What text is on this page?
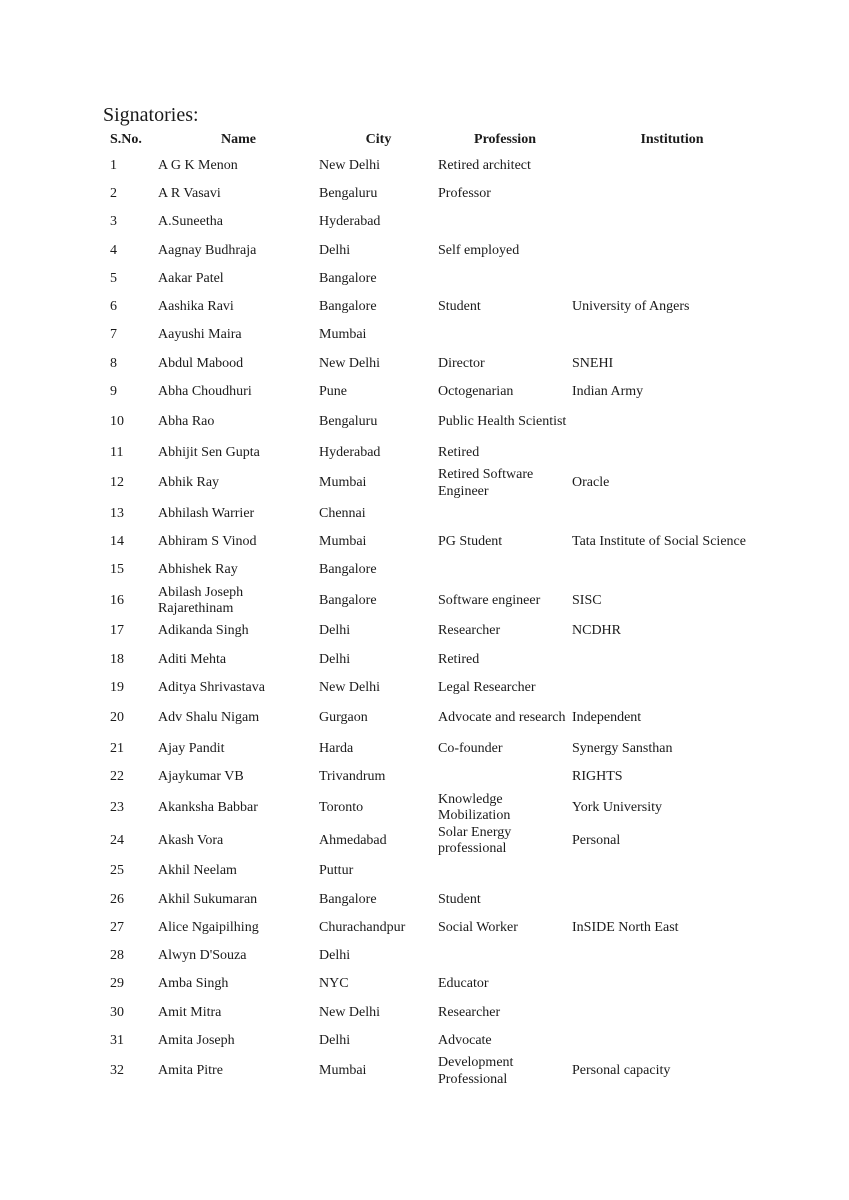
Signatories:
S.No.	Name	City	Profession	Institution
1	A G K Menon	New Delhi	Retired architect	
2	A R Vasavi	Bengaluru	Professor	
3	A.Suneetha	Hyderabad		
4	Aagnay Budhraja	Delhi	Self employed	
5	Aakar Patel	Bangalore		
6	Aashika Ravi	Bangalore	Student	University of Angers
7	Aayushi Maira	Mumbai		
8	Abdul Mabood	New Delhi	Director	SNEHI
9	Abha Choudhuri	Pune	Octogenarian	Indian Army
10	Abha Rao	Bengaluru	Public Health Scientist	
11	Abhijit Sen Gupta	Hyderabad	Retired	
12	Abhik Ray	Mumbai	Retired Software Engineer	Oracle
13	Abhilash Warrier	Chennai		
14	Abhiram S Vinod	Mumbai	PG Student	Tata Institute of Social Science
15	Abhishek Ray	Bangalore		
16	Abilash Joseph Rajarethinam	Bangalore	Software engineer	SISC
17	Adikanda Singh	Delhi	Researcher	NCDHR
18	Aditi Mehta	Delhi	Retired	
19	Aditya Shrivastava	New Delhi	Legal Researcher	
20	Adv Shalu Nigam	Gurgaon	Advocate and research	Independent
21	Ajay Pandit	Harda	Co-founder	Synergy Sansthan
22	Ajaykumar VB	Trivandrum		RIGHTS
23	Akanksha Babbar	Toronto	Knowledge Mobilization	York University
24	Akash Vora	Ahmedabad	Solar Energy professional	Personal
25	Akhil Neelam	Puttur		
26	Akhil Sukumaran	Bangalore	Student	
27	Alice Ngaipilhing	Churachandpur	Social Worker	InSIDE North East
28	Alwyn D'Souza	Delhi		
29	Amba Singh	NYC	Educator	
30	Amit Mitra	New Delhi	Researcher	
31	Amita Joseph	Delhi	Advocate	
32	Amita Pitre	Mumbai	Development Professional	Personal capacity
